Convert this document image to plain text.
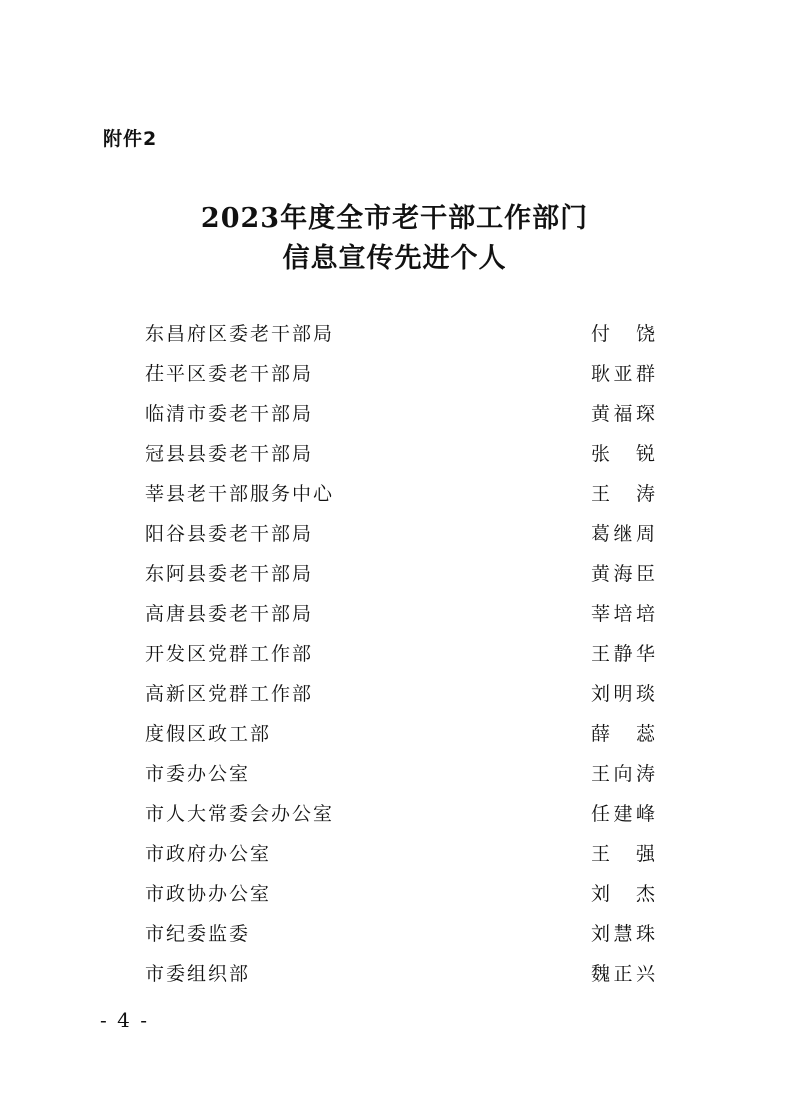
附件2
2023年度全市老干部工作部门
信息宣传先进个人
东昌府区委老干部局	付 饶
茌平区委老干部局	耿亚群
临清市委老干部局	黄福琛
冠县县委老干部局	张 锐
莘县老干部服务中心	王 涛
阳谷县委老干部局	葛继周
东阿县委老干部局	黄海臣
高唐县委老干部局	莘培培
开发区党群工作部	王静华
高新区党群工作部	刘明琰
度假区政工部	薛 蕊
市委办公室	王向涛
市人大常委会办公室	任建峰
市政府办公室	王 强
市政协办公室	刘 杰
市纪委监委	刘慧珠
市委组织部	魏正兴
- 4 -
